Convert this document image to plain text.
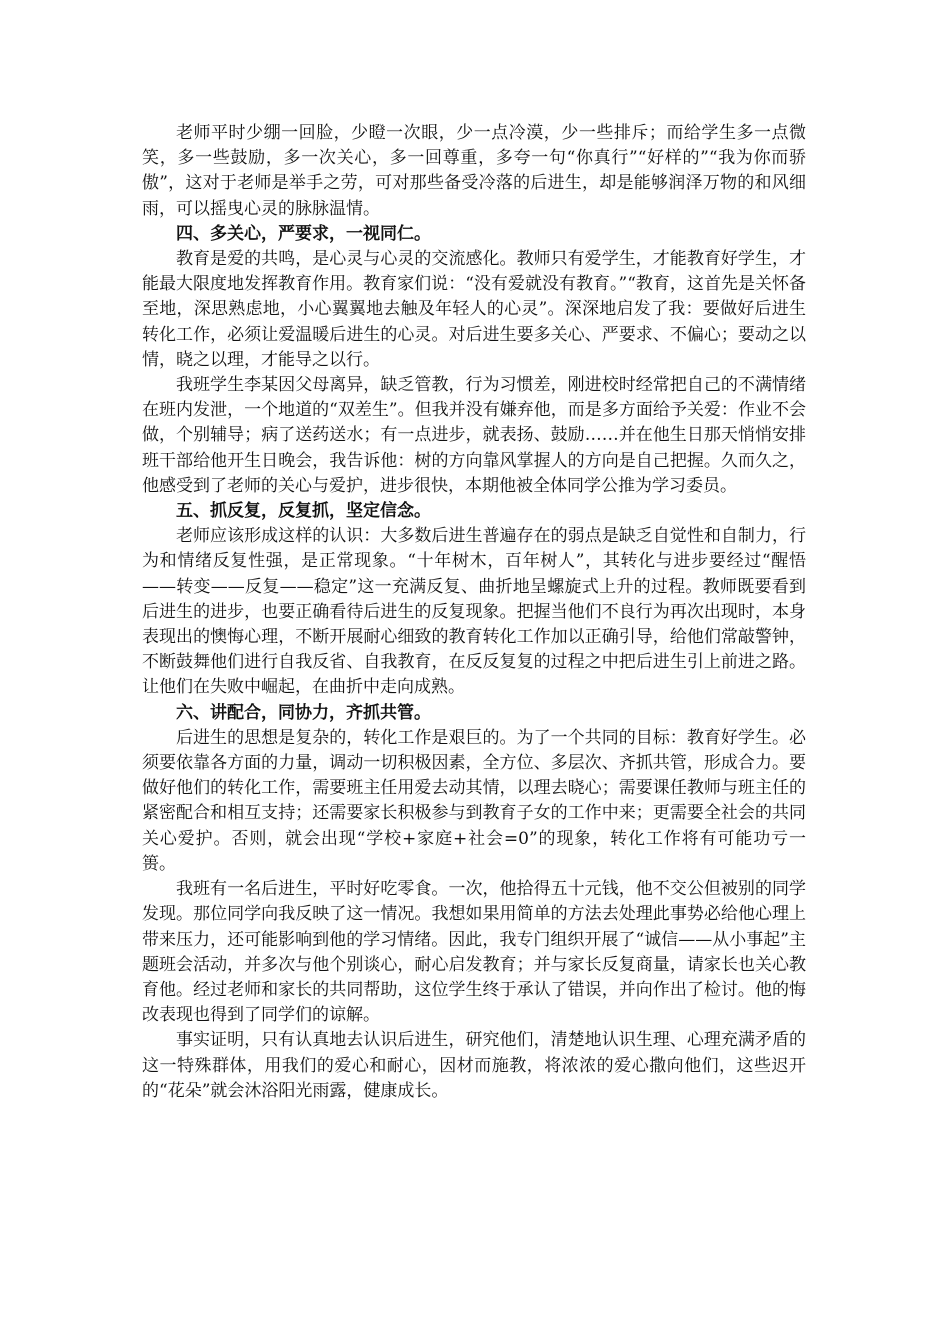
老师平时少绷一回脸，少瞪一次眼，少一点冷漠，少一些排斥；而给学生多一点微笑，多一些鼓励，多一次关心，多一回尊重，多夸一句“你真行”“好样的”“我为你而骄傲”，这对于老师是举手之劳，可对那些备受冷落的后进生，却是能够润泽万物的和风细雨，可以摇曳心灵的脉脉温情。

四、多关心，严要求，一视同仁。

教育是爱的共鸣，是心灵与心灵的交流感化。教师只有爱学生，才能教育好学生，才能最大限度地发挥教育作用。教育家们说：“没有爱就没有教育。”“教育，这首先是关怀备至地，深思熟虑地，小心翼翼地去触及年轻人的心灵”。深深地启发了我：要做好后进生转化工作，必须让爱温暖后进生的心灵。对后进生要多关心、严要求、不偏心；要动之以情，晓之以理，才能导之以行。

我班学生李某因父母离异，缺乏管教，行为习惯差，刚进校时经常把自己的不满情绪在班内发泄，一个地道的“双差生”。但我并没有嫌弃他，而是多方面给予关爱：作业不会做，个别辅导；病了送药送水；有一点进步，就表扬、鼓励……并在他生日那天悄悄安排班干部给他开生日晚会，我告诉他：树的方向靠风掌握人的方向是自己把握。久而久之，他感受到了老师的关心与爱护，进步很快，本期他被全体同学公推为学习委员。

五、抓反复，反复抓，坚定信念。

老师应该形成这样的认识：大多数后进生普遍存在的弱点是缺乏自觉性和自制力，行为和情绪反复性强，是正常现象。“十年树木，百年树人”，其转化与进步要经过“醒悟——转变——反复——稳定”这一充满反复、曲折地呈螺旋式上升的过程。教师既要看到后进生的进步，也要正确看待后进生的反复现象。把握当他们不良行为再次出现时，本身表现出的懊悔心理，不断开展耐心细致的教育转化工作加以正确引导，给他们常敲警钟，不断鼓舞他们进行自我反省、自我教育，在反反复复的过程之中把后进生引上前进之路。让他们在失败中崛起，在曲折中走向成熟。

六、讲配合，同协力，齐抓共管。

后进生的思想是复杂的，转化工作是艰巨的。为了一个共同的目标：教育好学生。必须要依靠各方面的力量，调动一切积极因素，全方位、多层次、齐抓共管，形成合力。要做好他们的转化工作，需要班主任用爱去动其情，以理去晓心；需要课任教师与班主任的紧密配合和相互支持；还需要家长积极参与到教育子女的工作中来；更需要全社会的共同关心爱护。否则，就会出现“学校+家庭+社会=0”的现象，转化工作将有可能功亏一篑。

我班有一名后进生，平时好吃零食。一次，他拾得五十元钱，他不交公但被别的同学发现。那位同学向我反映了这一情况。我想如果用简单的方法去处理此事势必给他心理上带来压力，还可能影响到他的学习情绪。因此，我专门组织开展了“诚信——从小事起”主题班会活动，并多次与他个别谈心，耐心启发教育；并与家长反复商量，请家长也关心教育他。经过老师和家长的共同帮助，这位学生终于承认了错误，并向作出了检讨。他的悔改表现也得到了同学们的谅解。

事实证明，只有认真地去认识后进生，研究他们，清楚地认识生理、心理充满矛盾的这一特殊群体，用我们的爱心和耐心，因材而施教，将浓浓的爱心撒向他们，这些迟开的“花朵”就会沐浴阳光雨露，健康成长。
